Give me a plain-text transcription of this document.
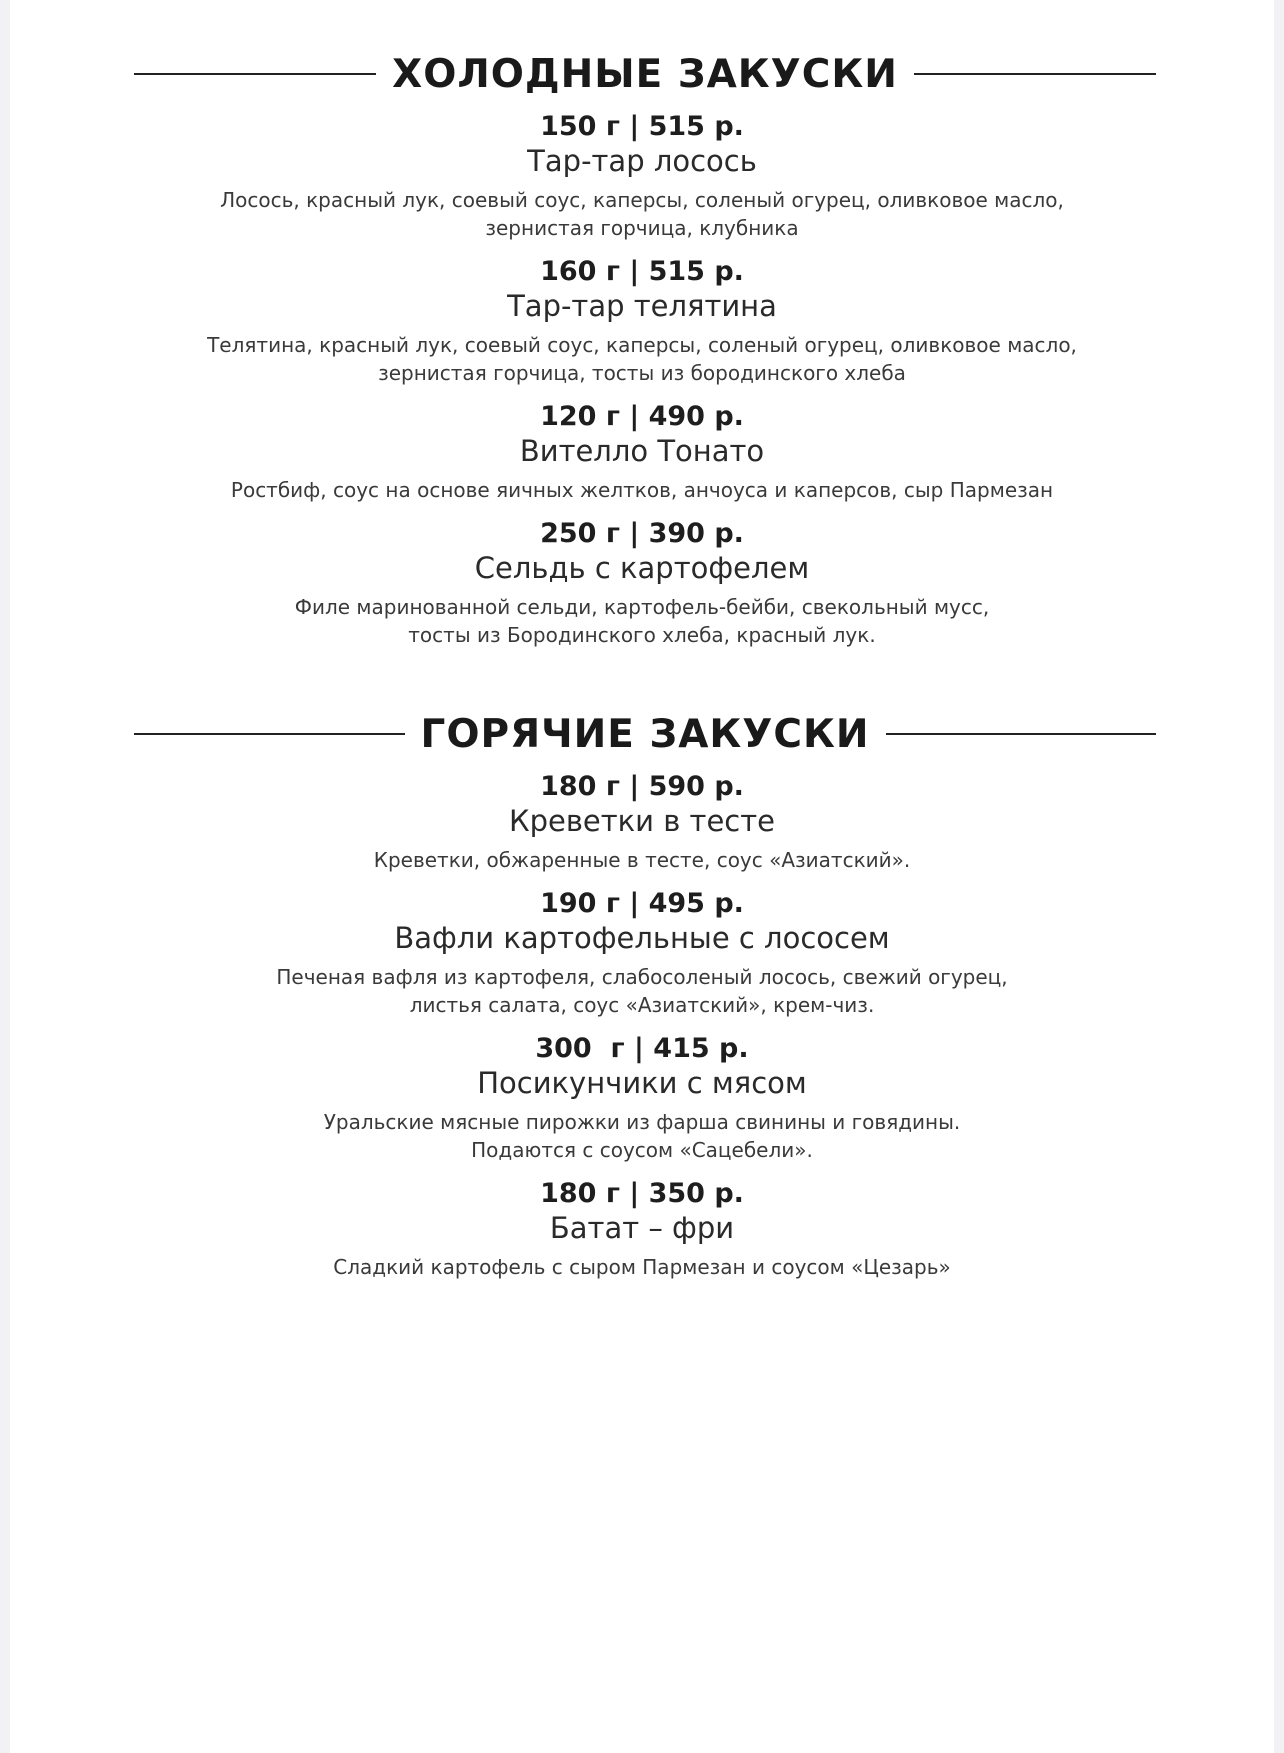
ХОЛОДНЫЕ ЗАКУСКИ
150 г | 515 р.
Тар-тар лосось
Лосось, красный лук, соевый соус, каперсы, соленый огурец, оливковое масло,
зернистая горчица, клубника
160 г | 515 р.
Тар-тар телятина
Телятина, красный лук, соевый соус, каперсы, соленый огурец, оливковое масло,
зернистая горчица, тосты из бородинского хлеба
120 г | 490 р.
Вителло Тонато
Ростбиф, соус на основе яичных желтков, анчоуса и каперсов, сыр Пармезан
250 г | 390 р.
Сельдь с картофелем
Филе маринованной сельди, картофель-бейби, свекольный мусс,
тосты из Бородинского хлеба, красный лук.
ГОРЯЧИЕ ЗАКУСКИ
180 г | 590 р.
Креветки в тесте
Креветки, обжаренные в тесте, соус «Азиатский».
190 г | 495 р.
Вафли картофельные с лососем
Печеная вафля из картофеля, слабосоленый лосось, свежий огурец,
листья салата, соус «Азиатский», крем-чиз.
300  г | 415 р.
Посикунчики с мясом
Уральские мясные пирожки из фарша свинины и говядины.
Подаются с соусом «Сацебели».
180 г | 350 р.
Батат – фри
Сладкий картофель с сыром Пармезан и соусом «Цезарь»
